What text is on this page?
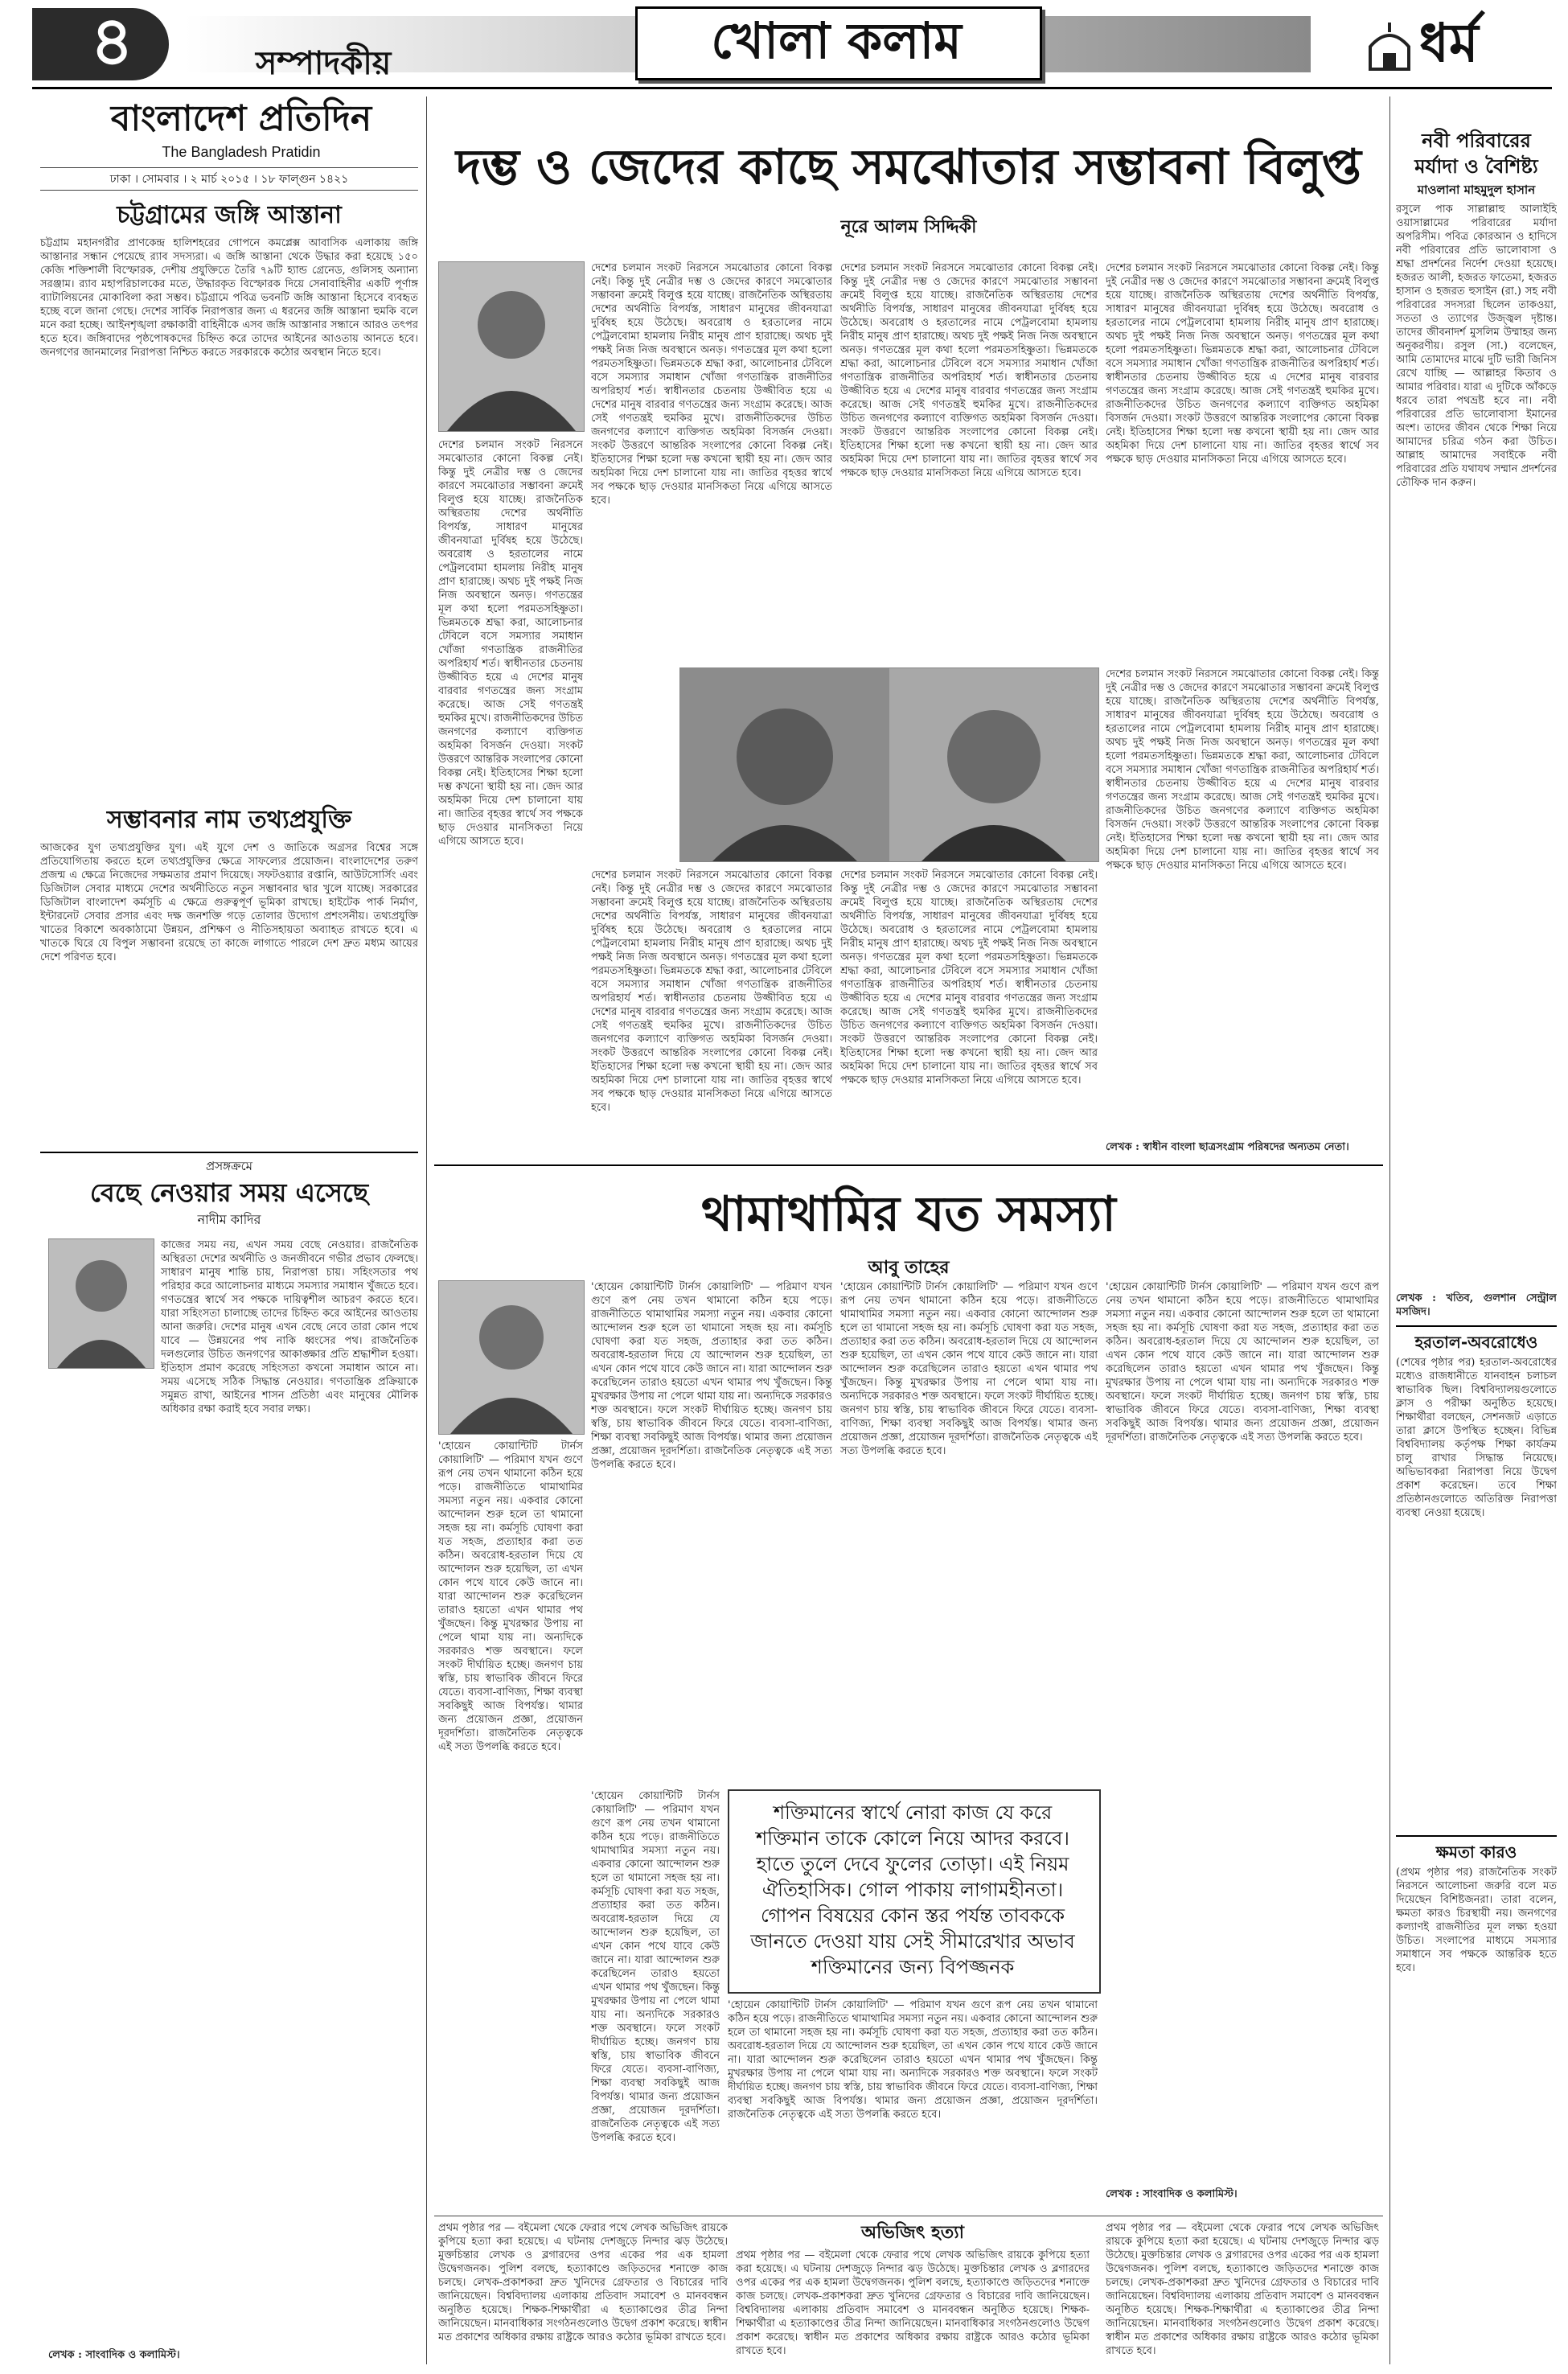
৪	সম্পাদকীয়	খোলা কলাম	ধর্ম
বাংলাদেশ প্রতিদিন
The Bangladesh Pratidin
ঢাকা । সোমবার । ২ মার্চ ২০১৫ । ১৮ ফাল্গুন ১৪২১
চট্টগ্রামের জঙ্গি আস্তানা
চট্টগ্রাম মহানগরীর প্রাণকেন্দ্র হালিশহরের গোপনে কমপ্লেক্স আবাসিক এলাকায় জঙ্গি আস্তানার সন্ধান পেয়েছে র‍্যাব সদস্যরা। এ জঙ্গি আস্তানা থেকে উদ্ধার করা হয়েছে ১৫০ কেজি শক্তিশালী বিস্ফোরক, দেশীয় প্রযুক্তিতে তৈরি ৭৯টি হ্যান্ড গ্রেনেড, গুলিসহ অন্যান্য সরঞ্জাম। র‍্যাব মহাপরিচালকের মতে, উদ্ধারকৃত বিস্ফোরক দিয়ে সেনাবাহিনীর একটি পূর্ণাঙ্গ ব্যাটালিয়নের মোকাবিলা করা সম্ভব। চট্টগ্রামে পবিত্র ভবনটি জঙ্গি আস্তানা হিসেবে ব্যবহৃত হচ্ছে বলে জানা গেছে। দেশের সার্বিক নিরাপত্তার জন্য এ ধরনের জঙ্গি আস্তানা হুমকি বলে মনে করা হচ্ছে। আইনশৃঙ্খলা রক্ষাকারী বাহিনীকে এসব জঙ্গি আস্তানার সন্ধানে আরও তৎপর হতে হবে। জঙ্গিবাদের পৃষ্ঠপোষকদের চিহ্নিত করে তাদের আইনের আওতায় আনতে হবে। জনগণের জানমালের নিরাপত্তা নিশ্চিত করতে সরকারকে কঠোর অবস্থান নিতে হবে।
সম্ভাবনার নাম তথ্যপ্রযুক্তি
আজকের যুগ তথ্যপ্রযুক্তির যুগ। এই যুগে দেশ ও জাতিকে অগ্রসর বিশ্বের সঙ্গে প্রতিযোগিতায় করতে হলে তথ্যপ্রযুক্তির ক্ষেত্রে সাফল্যের প্রয়োজন। বাংলাদেশের তরুণ প্রজন্ম এ ক্ষেত্রে নিজেদের সক্ষমতার প্রমাণ দিয়েছে। সফটওয়্যার রপ্তানি, আউটসোর্সিং এবং ডিজিটাল সেবার মাধ্যমে দেশের অর্থনীতিতে নতুন সম্ভাবনার দ্বার খুলে যাচ্ছে। সরকারের ডিজিটাল বাংলাদেশ কর্মসূচি এ ক্ষেত্রে গুরুত্বপূর্ণ ভূমিকা রাখছে। হাইটেক পার্ক নির্মাণ, ইন্টারনেট সেবার প্রসার এবং দক্ষ জনশক্তি গড়ে তোলার উদ্যোগ প্রশংসনীয়। তথ্যপ্রযুক্তি খাতের বিকাশে অবকাঠামো উন্নয়ন, প্রশিক্ষণ ও নীতিসহায়তা অব্যাহত রাখতে হবে। এ খাতকে ঘিরে যে বিপুল সম্ভাবনা রয়েছে তা কাজে লাগাতে পারলে দেশ দ্রুত মধ্যম আয়ের দেশে পরিণত হবে।
প্রসঙ্গক্রমে
বেছে নেওয়ার সময় এসেছে
নাদীম কাদির
কাজের সময় নয়, এখন সময় বেছে নেওয়ার। রাজনৈতিক অস্থিরতা দেশের অর্থনীতি ও জনজীবনে গভীর প্রভাব ফেলছে। সাধারণ মানুষ শান্তি চায়, নিরাপত্তা চায়। সহিংসতার পথ পরিহার করে আলোচনার মাধ্যমে সমস্যার সমাধান খুঁজতে হবে। গণতন্ত্রের স্বার্থে সব পক্ষকে দায়িত্বশীল আচরণ করতে হবে। যারা সহিংসতা চালাচ্ছে তাদের চিহ্নিত করে আইনের আওতায় আনা জরুরি। দেশের মানুষ এখন বেছে নেবে তারা কোন পথে যাবে — উন্নয়নের পথ নাকি ধ্বংসের পথ। রাজনৈতিক দলগুলোর উচিত জনগণের আকাঙ্ক্ষার প্রতি শ্রদ্ধাশীল হওয়া। ইতিহাস প্রমাণ করেছে সহিংসতা কখনো সমাধান আনে না। সময় এসেছে সঠিক সিদ্ধান্ত নেওয়ার। গণতান্ত্রিক প্রক্রিয়াকে সমুন্নত রাখা, আইনের শাসন প্রতিষ্ঠা এবং মানুষের মৌলিক অধিকার রক্ষা করাই হবে সবার লক্ষ্য।
লেখক : সাংবাদিক ও কলামিস্ট।
দম্ভ ও জেদের কাছে সমঝোতার সম্ভাবনা বিলুপ্ত
নূরে আলম সিদ্দিকী
দেশের চলমান সংকট নিরসনে সমঝোতার কোনো বিকল্প নেই। কিন্তু দুই নেত্রীর দম্ভ ও জেদের কারণে সমঝোতার সম্ভাবনা ক্রমেই বিলুপ্ত হয়ে যাচ্ছে। রাজনৈতিক অস্থিরতায় দেশের অর্থনীতি বিপর্যস্ত, সাধারণ মানুষের জীবনযাত্রা দুর্বিষহ হয়ে উঠেছে। অবরোধ ও হরতালের নামে পেট্রলবোমা হামলায় নিরীহ মানুষ প্রাণ হারাচ্ছে। অথচ দুই পক্ষই নিজ নিজ অবস্থানে অনড়। গণতন্ত্রের মূল কথা হলো পরমতসহিষ্ণুতা। ভিন্নমতকে শ্রদ্ধা করা, আলোচনার টেবিলে বসে সমস্যার সমাধান খোঁজা গণতান্ত্রিক রাজনীতির অপরিহার্য শর্ত। স্বাধীনতার চেতনায় উজ্জীবিত হয়ে এ দেশের মানুষ বারবার গণতন্ত্রের জন্য সংগ্রাম করেছে। আজ সেই গণতন্ত্রই হুমকির মুখে। রাজনীতিকদের উচিত জনগণের কল্যাণে ব্যক্তিগত অহমিকা বিসর্জন দেওয়া। সংকট উত্তরণে আন্তরিক সংলাপের কোনো বিকল্প নেই। ইতিহাসের শিক্ষা হলো দম্ভ কখনো স্থায়ী হয় না। জেদ আর অহমিকা দিয়ে দেশ চালানো যায় না। জাতির বৃহত্তর স্বার্থে সব পক্ষকে ছাড় দেওয়ার মানসিকতা নিয়ে এগিয়ে আসতে হবে।
দেশের চলমান সংকট নিরসনে সমঝোতার কোনো বিকল্প নেই। কিন্তু দুই নেত্রীর দম্ভ ও জেদের কারণে সমঝোতার সম্ভাবনা ক্রমেই বিলুপ্ত হয়ে যাচ্ছে। রাজনৈতিক অস্থিরতায় দেশের অর্থনীতি বিপর্যস্ত, সাধারণ মানুষের জীবনযাত্রা দুর্বিষহ হয়ে উঠেছে। অবরোধ ও হরতালের নামে পেট্রলবোমা হামলায় নিরীহ মানুষ প্রাণ হারাচ্ছে। অথচ দুই পক্ষই নিজ নিজ অবস্থানে অনড়। গণতন্ত্রের মূল কথা হলো পরমতসহিষ্ণুতা। ভিন্নমতকে শ্রদ্ধা করা, আলোচনার টেবিলে বসে সমস্যার সমাধান খোঁজা গণতান্ত্রিক রাজনীতির অপরিহার্য শর্ত। স্বাধীনতার চেতনায় উজ্জীবিত হয়ে এ দেশের মানুষ বারবার গণতন্ত্রের জন্য সংগ্রাম করেছে। আজ সেই গণতন্ত্রই হুমকির মুখে। রাজনীতিকদের উচিত জনগণের কল্যাণে ব্যক্তিগত অহমিকা বিসর্জন দেওয়া। সংকট উত্তরণে আন্তরিক সংলাপের কোনো বিকল্প নেই। ইতিহাসের শিক্ষা হলো দম্ভ কখনো স্থায়ী হয় না। জেদ আর অহমিকা দিয়ে দেশ চালানো যায় না। জাতির বৃহত্তর স্বার্থে সব পক্ষকে ছাড় দেওয়ার মানসিকতা নিয়ে এগিয়ে আসতে হবে।
দেশের চলমান সংকট নিরসনে সমঝোতার কোনো বিকল্প নেই। কিন্তু দুই নেত্রীর দম্ভ ও জেদের কারণে সমঝোতার সম্ভাবনা ক্রমেই বিলুপ্ত হয়ে যাচ্ছে। রাজনৈতিক অস্থিরতায় দেশের অর্থনীতি বিপর্যস্ত, সাধারণ মানুষের জীবনযাত্রা দুর্বিষহ হয়ে উঠেছে। অবরোধ ও হরতালের নামে পেট্রলবোমা হামলায় নিরীহ মানুষ প্রাণ হারাচ্ছে। অথচ দুই পক্ষই নিজ নিজ অবস্থানে অনড়। গণতন্ত্রের মূল কথা হলো পরমতসহিষ্ণুতা। ভিন্নমতকে শ্রদ্ধা করা, আলোচনার টেবিলে বসে সমস্যার সমাধান খোঁজা গণতান্ত্রিক রাজনীতির অপরিহার্য শর্ত। স্বাধীনতার চেতনায় উজ্জীবিত হয়ে এ দেশের মানুষ বারবার গণতন্ত্রের জন্য সংগ্রাম করেছে। আজ সেই গণতন্ত্রই হুমকির মুখে। রাজনীতিকদের উচিত জনগণের কল্যাণে ব্যক্তিগত অহমিকা বিসর্জন দেওয়া। সংকট উত্তরণে আন্তরিক সংলাপের কোনো বিকল্প নেই। ইতিহাসের শিক্ষা হলো দম্ভ কখনো স্থায়ী হয় না। জেদ আর অহমিকা দিয়ে দেশ চালানো যায় না। জাতির বৃহত্তর স্বার্থে সব পক্ষকে ছাড় দেওয়ার মানসিকতা নিয়ে এগিয়ে আসতে হবে।
দেশের চলমান সংকট নিরসনে সমঝোতার কোনো বিকল্প নেই। কিন্তু দুই নেত্রীর দম্ভ ও জেদের কারণে সমঝোতার সম্ভাবনা ক্রমেই বিলুপ্ত হয়ে যাচ্ছে। রাজনৈতিক অস্থিরতায় দেশের অর্থনীতি বিপর্যস্ত, সাধারণ মানুষের জীবনযাত্রা দুর্বিষহ হয়ে উঠেছে। অবরোধ ও হরতালের নামে পেট্রলবোমা হামলায় নিরীহ মানুষ প্রাণ হারাচ্ছে। অথচ দুই পক্ষই নিজ নিজ অবস্থানে অনড়। গণতন্ত্রের মূল কথা হলো পরমতসহিষ্ণুতা। ভিন্নমতকে শ্রদ্ধা করা, আলোচনার টেবিলে বসে সমস্যার সমাধান খোঁজা গণতান্ত্রিক রাজনীতির অপরিহার্য শর্ত। স্বাধীনতার চেতনায় উজ্জীবিত হয়ে এ দেশের মানুষ বারবার গণতন্ত্রের জন্য সংগ্রাম করেছে। আজ সেই গণতন্ত্রই হুমকির মুখে। রাজনীতিকদের উচিত জনগণের কল্যাণে ব্যক্তিগত অহমিকা বিসর্জন দেওয়া। সংকট উত্তরণে আন্তরিক সংলাপের কোনো বিকল্প নেই। ইতিহাসের শিক্ষা হলো দম্ভ কখনো স্থায়ী হয় না। জেদ আর অহমিকা দিয়ে দেশ চালানো যায় না। জাতির বৃহত্তর স্বার্থে সব পক্ষকে ছাড় দেওয়ার মানসিকতা নিয়ে এগিয়ে আসতে হবে।
দেশের চলমান সংকট নিরসনে সমঝোতার কোনো বিকল্প নেই। কিন্তু দুই নেত্রীর দম্ভ ও জেদের কারণে সমঝোতার সম্ভাবনা ক্রমেই বিলুপ্ত হয়ে যাচ্ছে। রাজনৈতিক অস্থিরতায় দেশের অর্থনীতি বিপর্যস্ত, সাধারণ মানুষের জীবনযাত্রা দুর্বিষহ হয়ে উঠেছে। অবরোধ ও হরতালের নামে পেট্রলবোমা হামলায় নিরীহ মানুষ প্রাণ হারাচ্ছে। অথচ দুই পক্ষই নিজ নিজ অবস্থানে অনড়। গণতন্ত্রের মূল কথা হলো পরমতসহিষ্ণুতা। ভিন্নমতকে শ্রদ্ধা করা, আলোচনার টেবিলে বসে সমস্যার সমাধান খোঁজা গণতান্ত্রিক রাজনীতির অপরিহার্য শর্ত। স্বাধীনতার চেতনায় উজ্জীবিত হয়ে এ দেশের মানুষ বারবার গণতন্ত্রের জন্য সংগ্রাম করেছে। আজ সেই গণতন্ত্রই হুমকির মুখে। রাজনীতিকদের উচিত জনগণের কল্যাণে ব্যক্তিগত অহমিকা বিসর্জন দেওয়া। সংকট উত্তরণে আন্তরিক সংলাপের কোনো বিকল্প নেই। ইতিহাসের শিক্ষা হলো দম্ভ কখনো স্থায়ী হয় না। জেদ আর অহমিকা দিয়ে দেশ চালানো যায় না। জাতির বৃহত্তর স্বার্থে সব পক্ষকে ছাড় দেওয়ার মানসিকতা নিয়ে এগিয়ে আসতে হবে।
দেশের চলমান সংকট নিরসনে সমঝোতার কোনো বিকল্প নেই। কিন্তু দুই নেত্রীর দম্ভ ও জেদের কারণে সমঝোতার সম্ভাবনা ক্রমেই বিলুপ্ত হয়ে যাচ্ছে। রাজনৈতিক অস্থিরতায় দেশের অর্থনীতি বিপর্যস্ত, সাধারণ মানুষের জীবনযাত্রা দুর্বিষহ হয়ে উঠেছে। অবরোধ ও হরতালের নামে পেট্রলবোমা হামলায় নিরীহ মানুষ প্রাণ হারাচ্ছে। অথচ দুই পক্ষই নিজ নিজ অবস্থানে অনড়। গণতন্ত্রের মূল কথা হলো পরমতসহিষ্ণুতা। ভিন্নমতকে শ্রদ্ধা করা, আলোচনার টেবিলে বসে সমস্যার সমাধান খোঁজা গণতান্ত্রিক রাজনীতির অপরিহার্য শর্ত। স্বাধীনতার চেতনায় উজ্জীবিত হয়ে এ দেশের মানুষ বারবার গণতন্ত্রের জন্য সংগ্রাম করেছে। আজ সেই গণতন্ত্রই হুমকির মুখে। রাজনীতিকদের উচিত জনগণের কল্যাণে ব্যক্তিগত অহমিকা বিসর্জন দেওয়া। সংকট উত্তরণে আন্তরিক সংলাপের কোনো বিকল্প নেই। ইতিহাসের শিক্ষা হলো দম্ভ কখনো স্থায়ী হয় না। জেদ আর অহমিকা দিয়ে দেশ চালানো যায় না। জাতির বৃহত্তর স্বার্থে সব পক্ষকে ছাড় দেওয়ার মানসিকতা নিয়ে এগিয়ে আসতে হবে।
দেশের চলমান সংকট নিরসনে সমঝোতার কোনো বিকল্প নেই। কিন্তু দুই নেত্রীর দম্ভ ও জেদের কারণে সমঝোতার সম্ভাবনা ক্রমেই বিলুপ্ত হয়ে যাচ্ছে। রাজনৈতিক অস্থিরতায় দেশের অর্থনীতি বিপর্যস্ত, সাধারণ মানুষের জীবনযাত্রা দুর্বিষহ হয়ে উঠেছে। অবরোধ ও হরতালের নামে পেট্রলবোমা হামলায় নিরীহ মানুষ প্রাণ হারাচ্ছে। অথচ দুই পক্ষই নিজ নিজ অবস্থানে অনড়। গণতন্ত্রের মূল কথা হলো পরমতসহিষ্ণুতা। ভিন্নমতকে শ্রদ্ধা করা, আলোচনার টেবিলে বসে সমস্যার সমাধান খোঁজা গণতান্ত্রিক রাজনীতির অপরিহার্য শর্ত। স্বাধীনতার চেতনায় উজ্জীবিত হয়ে এ দেশের মানুষ বারবার গণতন্ত্রের জন্য সংগ্রাম করেছে। আজ সেই গণতন্ত্রই হুমকির মুখে। রাজনীতিকদের উচিত জনগণের কল্যাণে ব্যক্তিগত অহমিকা বিসর্জন দেওয়া। সংকট উত্তরণে আন্তরিক সংলাপের কোনো বিকল্প নেই। ইতিহাসের শিক্ষা হলো দম্ভ কখনো স্থায়ী হয় না। জেদ আর অহমিকা দিয়ে দেশ চালানো যায় না। জাতির বৃহত্তর স্বার্থে সব পক্ষকে ছাড় দেওয়ার মানসিকতা নিয়ে এগিয়ে আসতে হবে।
লেখক : স্বাধীন বাংলা ছাত্রসংগ্রাম পরিষদের অন্যতম নেতা।
থামাথামির যত সমস্যা
আবু তাহের
'হোয়েন কোয়ান্টিটি টার্নস কোয়ালিটি' — পরিমাণ যখন গুণে রূপ নেয় তখন থামানো কঠিন হয়ে পড়ে। রাজনীতিতে থামাথামির সমস্যা নতুন নয়। একবার কোনো আন্দোলন শুরু হলে তা থামানো সহজ হয় না। কর্মসূচি ঘোষণা করা যত সহজ, প্রত্যাহার করা তত কঠিন। অবরোধ-হরতাল দিয়ে যে আন্দোলন শুরু হয়েছিল, তা এখন কোন পথে যাবে কেউ জানে না। যারা আন্দোলন শুরু করেছিলেন তারাও হয়তো এখন থামার পথ খুঁজছেন। কিন্তু মুখরক্ষার উপায় না পেলে থামা যায় না। অন্যদিকে সরকারও শক্ত অবস্থানে। ফলে সংকট দীর্ঘায়িত হচ্ছে। জনগণ চায় স্বস্তি, চায় স্বাভাবিক জীবনে ফিরে যেতে। ব্যবসা-বাণিজ্য, শিক্ষা ব্যবস্থা সবকিছুই আজ বিপর্যস্ত। থামার জন্য প্রয়োজন প্রজ্ঞা, প্রয়োজন দূরদর্শিতা। রাজনৈতিক নেতৃত্বকে এই সত্য উপলব্ধি করতে হবে।
'হোয়েন কোয়ান্টিটি টার্নস কোয়ালিটি' — পরিমাণ যখন গুণে রূপ নেয় তখন থামানো কঠিন হয়ে পড়ে। রাজনীতিতে থামাথামির সমস্যা নতুন নয়। একবার কোনো আন্দোলন শুরু হলে তা থামানো সহজ হয় না। কর্মসূচি ঘোষণা করা যত সহজ, প্রত্যাহার করা তত কঠিন। অবরোধ-হরতাল দিয়ে যে আন্দোলন শুরু হয়েছিল, তা এখন কোন পথে যাবে কেউ জানে না। যারা আন্দোলন শুরু করেছিলেন তারাও হয়তো এখন থামার পথ খুঁজছেন। কিন্তু মুখরক্ষার উপায় না পেলে থামা যায় না। অন্যদিকে সরকারও শক্ত অবস্থানে। ফলে সংকট দীর্ঘায়িত হচ্ছে। জনগণ চায় স্বস্তি, চায় স্বাভাবিক জীবনে ফিরে যেতে। ব্যবসা-বাণিজ্য, শিক্ষা ব্যবস্থা সবকিছুই আজ বিপর্যস্ত। থামার জন্য প্রয়োজন প্রজ্ঞা, প্রয়োজন দূরদর্শিতা। রাজনৈতিক নেতৃত্বকে এই সত্য উপলব্ধি করতে হবে।
'হোয়েন কোয়ান্টিটি টার্নস কোয়ালিটি' — পরিমাণ যখন গুণে রূপ নেয় তখন থামানো কঠিন হয়ে পড়ে। রাজনীতিতে থামাথামির সমস্যা নতুন নয়। একবার কোনো আন্দোলন শুরু হলে তা থামানো সহজ হয় না। কর্মসূচি ঘোষণা করা যত সহজ, প্রত্যাহার করা তত কঠিন। অবরোধ-হরতাল দিয়ে যে আন্দোলন শুরু হয়েছিল, তা এখন কোন পথে যাবে কেউ জানে না। যারা আন্দোলন শুরু করেছিলেন তারাও হয়তো এখন থামার পথ খুঁজছেন। কিন্তু মুখরক্ষার উপায় না পেলে থামা যায় না। অন্যদিকে সরকারও শক্ত অবস্থানে। ফলে সংকট দীর্ঘায়িত হচ্ছে। জনগণ চায় স্বস্তি, চায় স্বাভাবিক জীবনে ফিরে যেতে। ব্যবসা-বাণিজ্য, শিক্ষা ব্যবস্থা সবকিছুই আজ বিপর্যস্ত। থামার জন্য প্রয়োজন প্রজ্ঞা, প্রয়োজন দূরদর্শিতা। রাজনৈতিক নেতৃত্বকে এই সত্য উপলব্ধি করতে হবে।
'হোয়েন কোয়ান্টিটি টার্নস কোয়ালিটি' — পরিমাণ যখন গুণে রূপ নেয় তখন থামানো কঠিন হয়ে পড়ে। রাজনীতিতে থামাথামির সমস্যা নতুন নয়। একবার কোনো আন্দোলন শুরু হলে তা থামানো সহজ হয় না। কর্মসূচি ঘোষণা করা যত সহজ, প্রত্যাহার করা তত কঠিন। অবরোধ-হরতাল দিয়ে যে আন্দোলন শুরু হয়েছিল, তা এখন কোন পথে যাবে কেউ জানে না। যারা আন্দোলন শুরু করেছিলেন তারাও হয়তো এখন থামার পথ খুঁজছেন। কিন্তু মুখরক্ষার উপায় না পেলে থামা যায় না। অন্যদিকে সরকারও শক্ত অবস্থানে। ফলে সংকট দীর্ঘায়িত হচ্ছে। জনগণ চায় স্বস্তি, চায় স্বাভাবিক জীবনে ফিরে যেতে। ব্যবসা-বাণিজ্য, শিক্ষা ব্যবস্থা সবকিছুই আজ বিপর্যস্ত। থামার জন্য প্রয়োজন প্রজ্ঞা, প্রয়োজন দূরদর্শিতা। রাজনৈতিক নেতৃত্বকে এই সত্য উপলব্ধি করতে হবে।
শক্তিমানের স্বার্থে নোরা কাজ যে করে শক্তিমান তাকে কোলে নিয়ে আদর করবে। হাতে তুলে দেবে ফুলের তোড়া। এই নিয়ম ঐতিহাসিক। গোল পাকায় লাগামহীনতা। গোপন বিষয়ের কোন স্তর পর্যন্ত তাবককে জানতে দেওয়া যায় সেই সীমারেখার অভাব শক্তিমানের জন্য বিপজ্জনক
'হোয়েন কোয়ান্টিটি টার্নস কোয়ালিটি' — পরিমাণ যখন গুণে রূপ নেয় তখন থামানো কঠিন হয়ে পড়ে। রাজনীতিতে থামাথামির সমস্যা নতুন নয়। একবার কোনো আন্দোলন শুরু হলে তা থামানো সহজ হয় না। কর্মসূচি ঘোষণা করা যত সহজ, প্রত্যাহার করা তত কঠিন। অবরোধ-হরতাল দিয়ে যে আন্দোলন শুরু হয়েছিল, তা এখন কোন পথে যাবে কেউ জানে না। যারা আন্দোলন শুরু করেছিলেন তারাও হয়তো এখন থামার পথ খুঁজছেন। কিন্তু মুখরক্ষার উপায় না পেলে থামা যায় না। অন্যদিকে সরকারও শক্ত অবস্থানে। ফলে সংকট দীর্ঘায়িত হচ্ছে। জনগণ চায় স্বস্তি, চায় স্বাভাবিক জীবনে ফিরে যেতে। ব্যবসা-বাণিজ্য, শিক্ষা ব্যবস্থা সবকিছুই আজ বিপর্যস্ত। থামার জন্য প্রয়োজন প্রজ্ঞা, প্রয়োজন দূরদর্শিতা। রাজনৈতিক নেতৃত্বকে এই সত্য উপলব্ধি করতে হবে।
'হোয়েন কোয়ান্টিটি টার্নস কোয়ালিটি' — পরিমাণ যখন গুণে রূপ নেয় তখন থামানো কঠিন হয়ে পড়ে। রাজনীতিতে থামাথামির সমস্যা নতুন নয়। একবার কোনো আন্দোলন শুরু হলে তা থামানো সহজ হয় না। কর্মসূচি ঘোষণা করা যত সহজ, প্রত্যাহার করা তত কঠিন। অবরোধ-হরতাল দিয়ে যে আন্দোলন শুরু হয়েছিল, তা এখন কোন পথে যাবে কেউ জানে না। যারা আন্দোলন শুরু করেছিলেন তারাও হয়তো এখন থামার পথ খুঁজছেন। কিন্তু মুখরক্ষার উপায় না পেলে থামা যায় না। অন্যদিকে সরকারও শক্ত অবস্থানে। ফলে সংকট দীর্ঘায়িত হচ্ছে। জনগণ চায় স্বস্তি, চায় স্বাভাবিক জীবনে ফিরে যেতে। ব্যবসা-বাণিজ্য, শিক্ষা ব্যবস্থা সবকিছুই আজ বিপর্যস্ত। থামার জন্য প্রয়োজন প্রজ্ঞা, প্রয়োজন দূরদর্শিতা। রাজনৈতিক নেতৃত্বকে এই সত্য উপলব্ধি করতে হবে।
লেখক : সাংবাদিক ও কলামিস্ট।
প্রথম পৃষ্ঠার পর — বইমেলা থেকে ফেরার পথে লেখক অভিজিৎ রায়কে কুপিয়ে হত্যা করা হয়েছে। এ ঘটনায় দেশজুড়ে নিন্দার ঝড় উঠেছে। মুক্তচিন্তার লেখক ও ব্লগারদের ওপর একের পর এক হামলা উদ্বেগজনক। পুলিশ বলছে, হত্যাকাণ্ডে জড়িতদের শনাক্তে কাজ চলছে। লেখক-প্রকাশকরা দ্রুত খুনিদের গ্রেফতার ও বিচারের দাবি জানিয়েছেন। বিশ্ববিদ্যালয় এলাকায় প্রতিবাদ সমাবেশ ও মানববন্ধন অনুষ্ঠিত হয়েছে। শিক্ষক-শিক্ষার্থীরা এ হত্যাকাণ্ডের তীব্র নিন্দা জানিয়েছেন। মানবাধিকার সংগঠনগুলোও উদ্বেগ প্রকাশ করেছে। স্বাধীন মত প্রকাশের অধিকার রক্ষায় রাষ্ট্রকে আরও কঠোর ভূমিকা রাখতে হবে।
অভিজিৎ হত্যা
প্রথম পৃষ্ঠার পর — বইমেলা থেকে ফেরার পথে লেখক অভিজিৎ রায়কে কুপিয়ে হত্যা করা হয়েছে। এ ঘটনায় দেশজুড়ে নিন্দার ঝড় উঠেছে। মুক্তচিন্তার লেখক ও ব্লগারদের ওপর একের পর এক হামলা উদ্বেগজনক। পুলিশ বলছে, হত্যাকাণ্ডে জড়িতদের শনাক্তে কাজ চলছে। লেখক-প্রকাশকরা দ্রুত খুনিদের গ্রেফতার ও বিচারের দাবি জানিয়েছেন। বিশ্ববিদ্যালয় এলাকায় প্রতিবাদ সমাবেশ ও মানববন্ধন অনুষ্ঠিত হয়েছে। শিক্ষক-শিক্ষার্থীরা এ হত্যাকাণ্ডের তীব্র নিন্দা জানিয়েছেন। মানবাধিকার সংগঠনগুলোও উদ্বেগ প্রকাশ করেছে। স্বাধীন মত প্রকাশের অধিকার রক্ষায় রাষ্ট্রকে আরও কঠোর ভূমিকা রাখতে হবে।
প্রথম পৃষ্ঠার পর — বইমেলা থেকে ফেরার পথে লেখক অভিজিৎ রায়কে কুপিয়ে হত্যা করা হয়েছে। এ ঘটনায় দেশজুড়ে নিন্দার ঝড় উঠেছে। মুক্তচিন্তার লেখক ও ব্লগারদের ওপর একের পর এক হামলা উদ্বেগজনক। পুলিশ বলছে, হত্যাকাণ্ডে জড়িতদের শনাক্তে কাজ চলছে। লেখক-প্রকাশকরা দ্রুত খুনিদের গ্রেফতার ও বিচারের দাবি জানিয়েছেন। বিশ্ববিদ্যালয় এলাকায় প্রতিবাদ সমাবেশ ও মানববন্ধন অনুষ্ঠিত হয়েছে। শিক্ষক-শিক্ষার্থীরা এ হত্যাকাণ্ডের তীব্র নিন্দা জানিয়েছেন। মানবাধিকার সংগঠনগুলোও উদ্বেগ প্রকাশ করেছে। স্বাধীন মত প্রকাশের অধিকার রক্ষায় রাষ্ট্রকে আরও কঠোর ভূমিকা রাখতে হবে।
নবী পরিবারের
মর্যাদা ও বৈশিষ্ট্য
মাওলানা মাহমুদুল হাসান
রসুলে পাক সাল্লাল্লাহু আলাইহি ওয়াসাল্লামের পরিবারের মর্যাদা অপরিসীম। পবিত্র কোরআন ও হাদিসে নবী পরিবারের প্রতি ভালোবাসা ও শ্রদ্ধা প্রদর্শনের নির্দেশ দেওয়া হয়েছে। হজরত আলী, হজরত ফাতেমা, হজরত হাসান ও হজরত হুসাইন (রা.) সহ নবী পরিবারের সদস্যরা ছিলেন তাকওয়া, সততা ও ত্যাগের উজ্জ্বল দৃষ্টান্ত। তাদের জীবনাদর্শ মুসলিম উম্মাহর জন্য অনুকরণীয়। রসুল (সা.) বলেছেন, আমি তোমাদের মাঝে দুটি ভারী জিনিস রেখে যাচ্ছি — আল্লাহর কিতাব ও আমার পরিবার। যারা এ দুটিকে আঁকড়ে ধরবে তারা পথভ্রষ্ট হবে না। নবী পরিবারের প্রতি ভালোবাসা ইমানের অংশ। তাদের জীবন থেকে শিক্ষা নিয়ে আমাদের চরিত্র গঠন করা উচিত। আল্লাহ আমাদের সবাইকে নবী পরিবারের প্রতি যথাযথ সম্মান প্রদর্শনের তৌফিক দান করুন।
লেখক : খতিব, গুলশান সেন্ট্রাল মসজিদ।
হরতাল-অবরোধেও
(শেষের পৃষ্ঠার পর) হরতাল-অবরোধের মধ্যেও রাজধানীতে যানবাহন চলাচল স্বাভাবিক ছিল। বিশ্ববিদ্যালয়গুলোতে ক্লাস ও পরীক্ষা অনুষ্ঠিত হয়েছে। শিক্ষার্থীরা বলছেন, সেশনজট এড়াতে তারা ক্লাসে উপস্থিত হচ্ছেন। বিভিন্ন বিশ্ববিদ্যালয় কর্তৃপক্ষ শিক্ষা কার্যক্রম চালু রাখার সিদ্ধান্ত নিয়েছে। অভিভাবকরা নিরাপত্তা নিয়ে উদ্বেগ প্রকাশ করেছেন। তবে শিক্ষা প্রতিষ্ঠানগুলোতে অতিরিক্ত নিরাপত্তা ব্যবস্থা নেওয়া হয়েছে।
ক্ষমতা কারও
(প্রথম পৃষ্ঠার পর) রাজনৈতিক সংকট নিরসনে আলোচনা জরুরি বলে মত দিয়েছেন বিশিষ্টজনরা। তারা বলেন, ক্ষমতা কারও চিরস্থায়ী নয়। জনগণের কল্যাণই রাজনীতির মূল লক্ষ্য হওয়া উচিত। সংলাপের মাধ্যমে সমস্যার সমাধানে সব পক্ষকে আন্তরিক হতে হবে।
